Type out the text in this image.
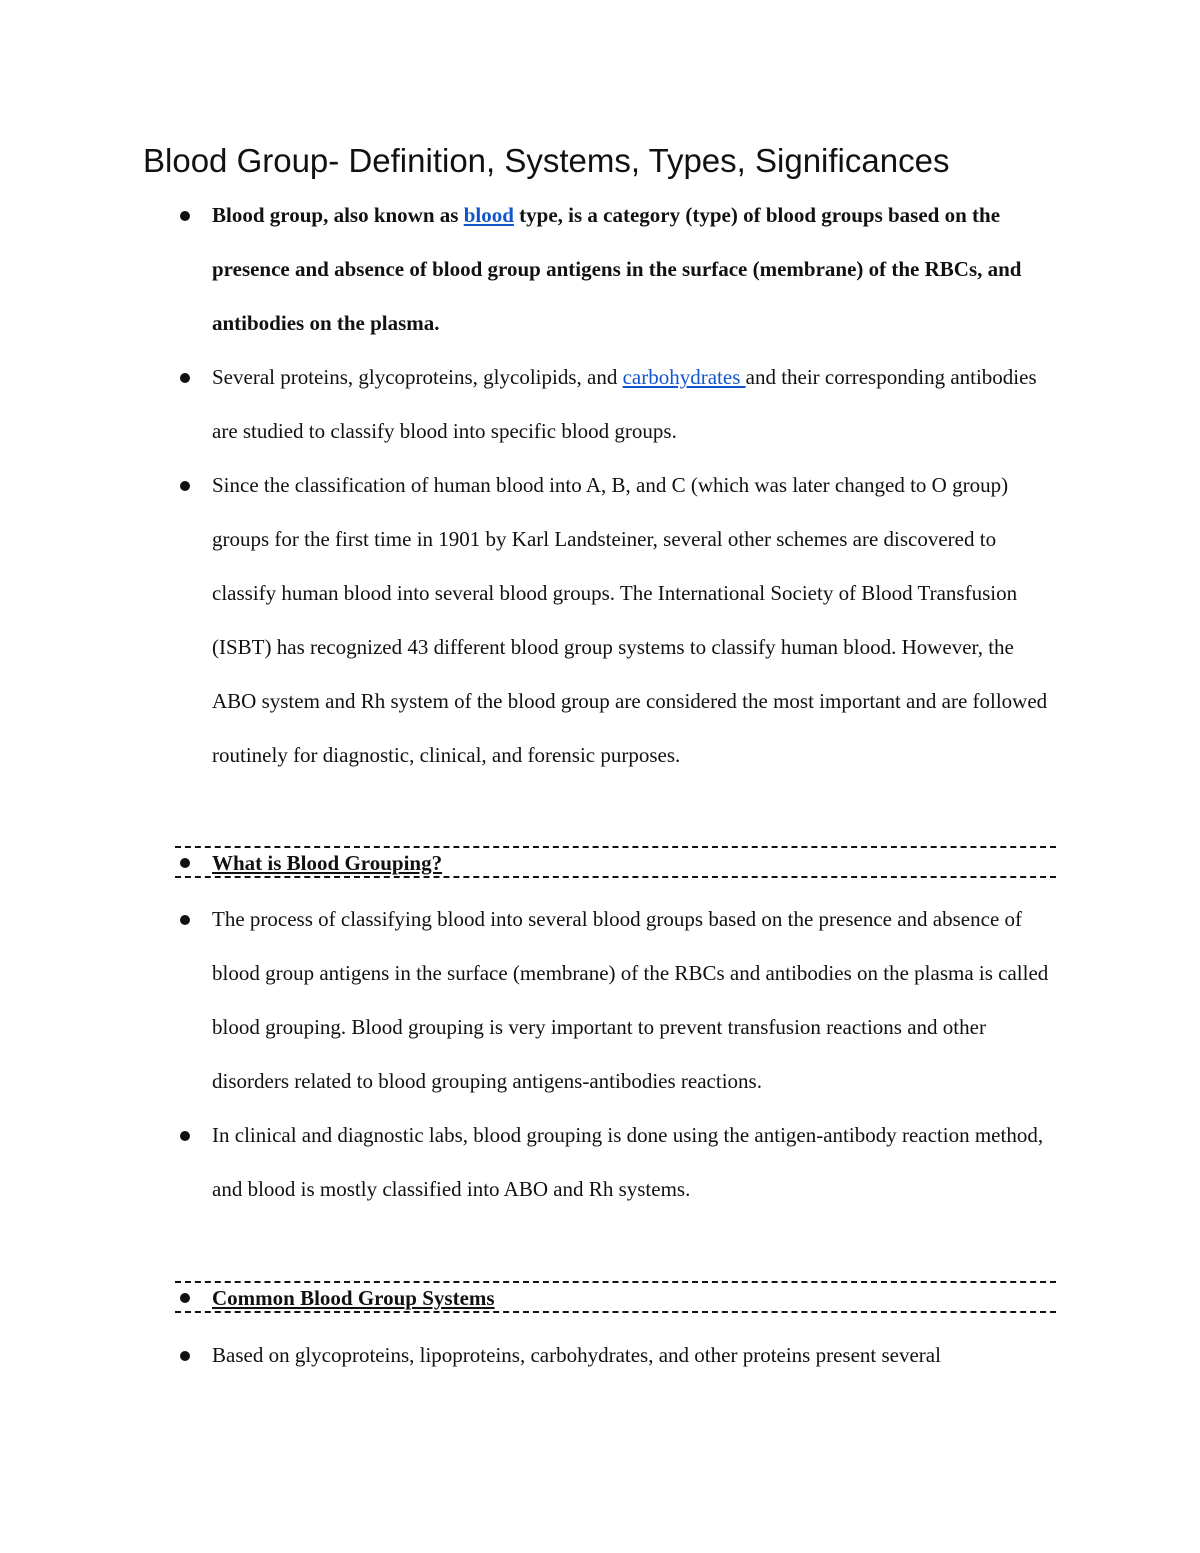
Blood Group- Definition, Systems, Types, Significances
Blood group, also known as blood type, is a category (type) of blood groups based on the presence and absence of blood group antigens in the surface (membrane) of the RBCs, and antibodies on the plasma.
Several proteins, glycoproteins, glycolipids, and carbohydrates and their corresponding antibodies are studied to classify blood into specific blood groups.
Since the classification of human blood into A, B, and C (which was later changed to O group) groups for the first time in 1901 by Karl Landsteiner, several other schemes are discovered to classify human blood into several blood groups. The International Society of Blood Transfusion (ISBT) has recognized 43 different blood group systems to classify human blood. However, the ABO system and Rh system of the blood group are considered the most important and are followed routinely for diagnostic, clinical, and forensic purposes.
What is Blood Grouping?
The process of classifying blood into several blood groups based on the presence and absence of blood group antigens in the surface (membrane) of the RBCs and antibodies on the plasma is called blood grouping. Blood grouping is very important to prevent transfusion reactions and other disorders related to blood grouping antigens-antibodies reactions.
In clinical and diagnostic labs, blood grouping is done using the antigen-antibody reaction method, and blood is mostly classified into ABO and Rh systems.
Common Blood Group Systems
Based on glycoproteins, lipoproteins, carbohydrates, and other proteins present several
